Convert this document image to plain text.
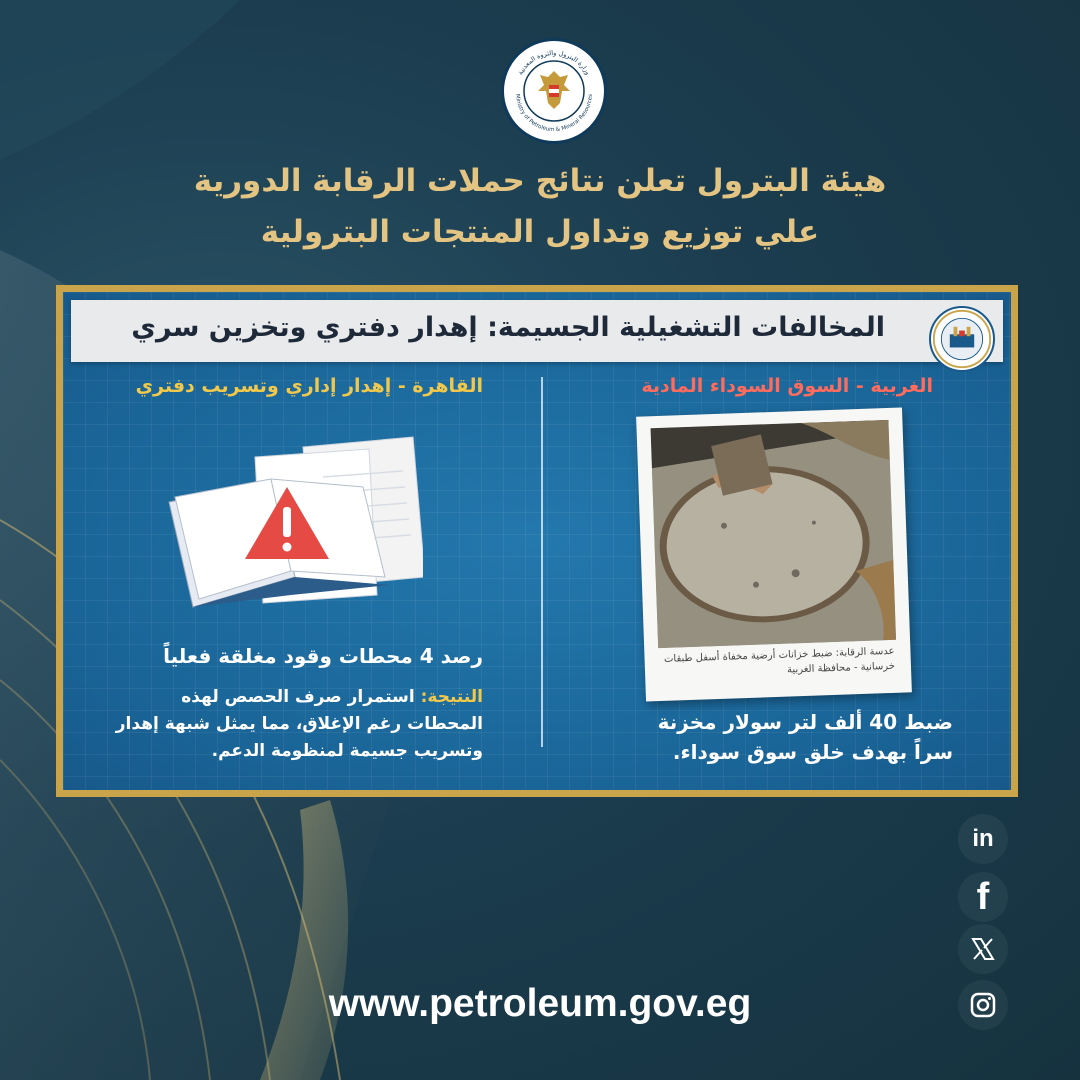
وزارة البترول والثروة المعدنية
Ministry of Petroleum & Mineral Resources
هيئة البترول تعلن نتائج حملات الرقابة الدورية
علي توزيع وتداول المنتجات البترولية
المخالفات التشغيلية الجسيمة: إهدار دفتري وتخزين سري
الغربية - السوق السوداء المادية
عدسة الرقابة: ضبط خزانات أرضية مخفاة أسفل طبقات خرسانية - محافظة الغربية
ضبط 40 ألف لتر سولار مخزنة سراً بهدف خلق سوق سوداء.
القاهرة - إهدار إداري وتسريب دفتري
رصد 4 محطات وقود مغلقة فعلياً
النتيجة: استمرار صرف الحصص لهذه المحطات رغم الإغلاق، مما يمثل شبهة إهدار وتسريب جسيمة لمنظومة الدعم.
www.petroleum.gov.eg
in
f
